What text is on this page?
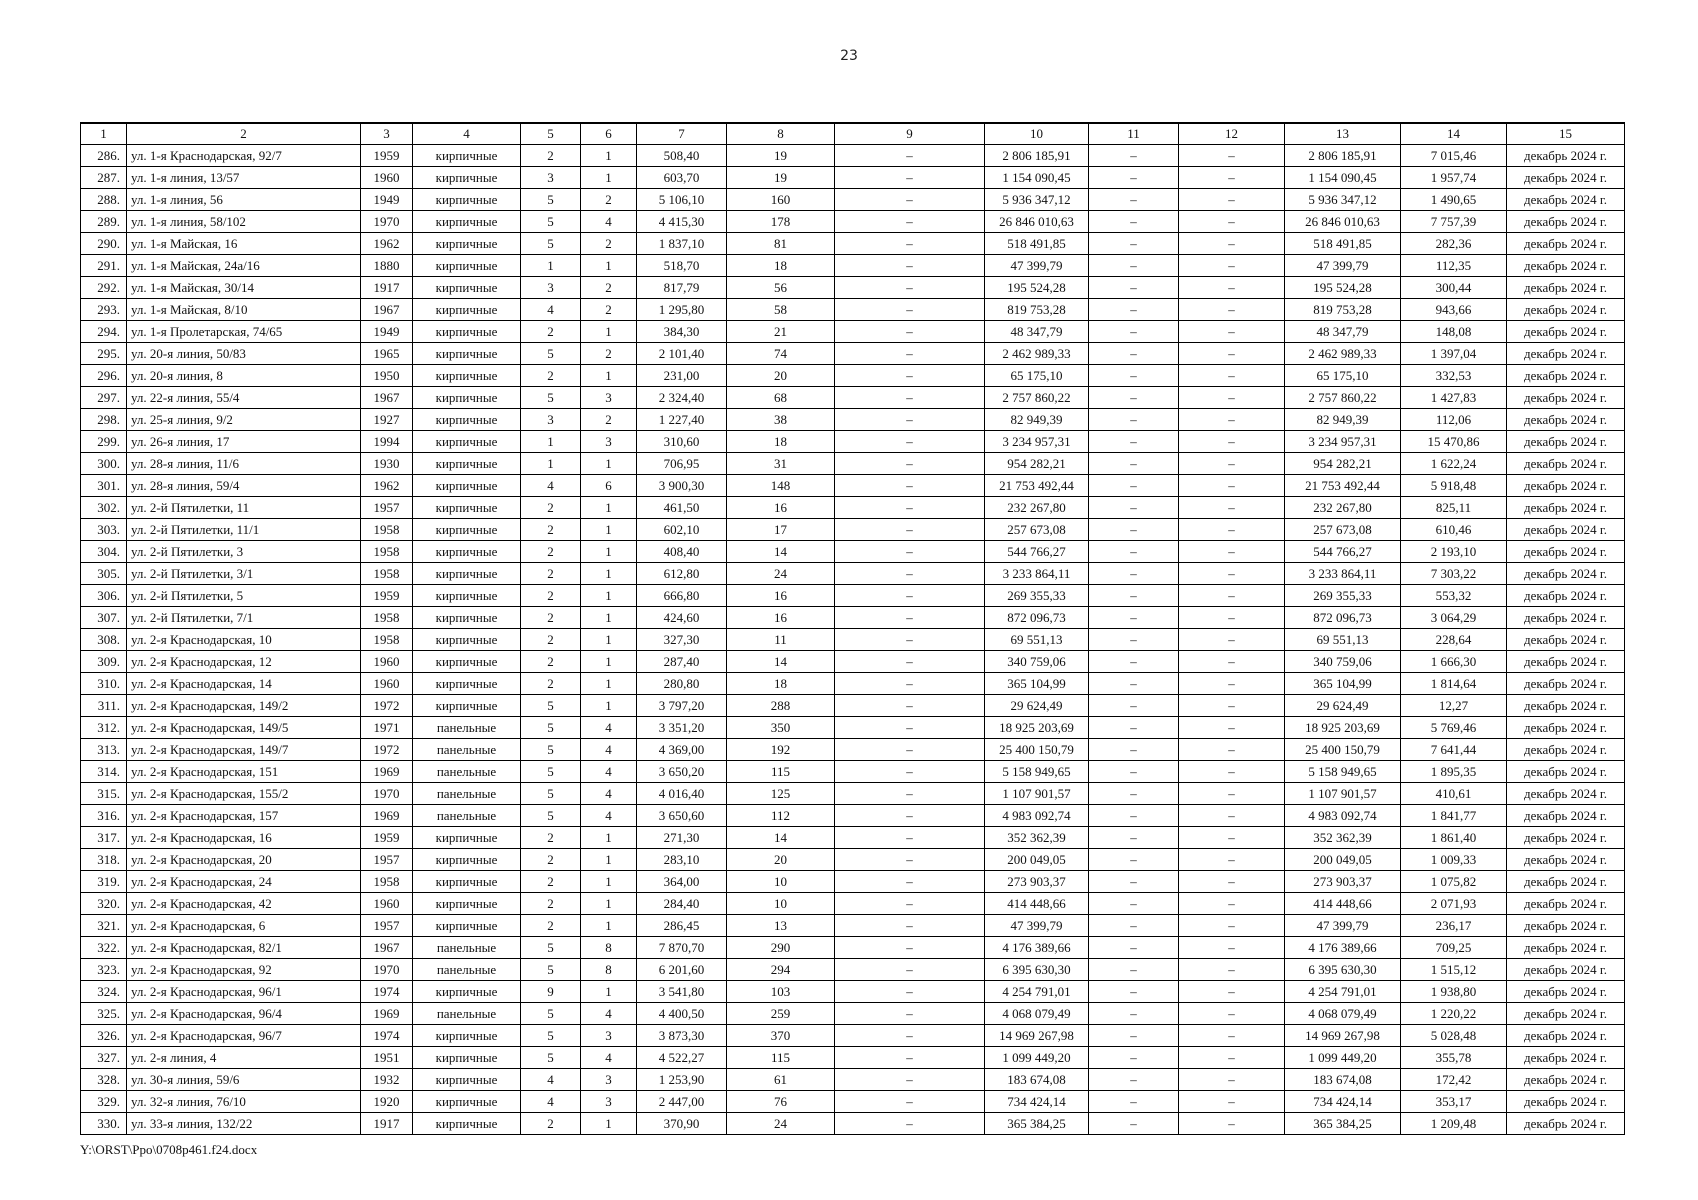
23
1	2	3	4	5	6	7	8	9	10	11	12	13	14	15
286.	ул. 1-я Краснодарская, 92/7	1959	кирпичные	2	1	508,40	19	–	2 806 185,91	–	–	2 806 185,91	7 015,46	декабрь 2024 г.
287.	ул. 1-я линия, 13/57	1960	кирпичные	3	1	603,70	19	–	1 154 090,45	–	–	1 154 090,45	1 957,74	декабрь 2024 г.
288.	ул. 1-я линия, 56	1949	кирпичные	5	2	5 106,10	160	–	5 936 347,12	–	–	5 936 347,12	1 490,65	декабрь 2024 г.
289.	ул. 1-я линия, 58/102	1970	кирпичные	5	4	4 415,30	178	–	26 846 010,63	–	–	26 846 010,63	7 757,39	декабрь 2024 г.
290.	ул. 1-я Майская, 16	1962	кирпичные	5	2	1 837,10	81	–	518 491,85	–	–	518 491,85	282,36	декабрь 2024 г.
291.	ул. 1-я Майская, 24а/16	1880	кирпичные	1	1	518,70	18	–	47 399,79	–	–	47 399,79	112,35	декабрь 2024 г.
292.	ул. 1-я Майская, 30/14	1917	кирпичные	3	2	817,79	56	–	195 524,28	–	–	195 524,28	300,44	декабрь 2024 г.
293.	ул. 1-я Майская, 8/10	1967	кирпичные	4	2	1 295,80	58	–	819 753,28	–	–	819 753,28	943,66	декабрь 2024 г.
294.	ул. 1-я Пролетарская, 74/65	1949	кирпичные	2	1	384,30	21	–	48 347,79	–	–	48 347,79	148,08	декабрь 2024 г.
295.	ул. 20-я линия, 50/83	1965	кирпичные	5	2	2 101,40	74	–	2 462 989,33	–	–	2 462 989,33	1 397,04	декабрь 2024 г.
296.	ул. 20-я линия, 8	1950	кирпичные	2	1	231,00	20	–	65 175,10	–	–	65 175,10	332,53	декабрь 2024 г.
297.	ул. 22-я линия, 55/4	1967	кирпичные	5	3	2 324,40	68	–	2 757 860,22	–	–	2 757 860,22	1 427,83	декабрь 2024 г.
298.	ул. 25-я линия, 9/2	1927	кирпичные	3	2	1 227,40	38	–	82 949,39	–	–	82 949,39	112,06	декабрь 2024 г.
299.	ул. 26-я линия, 17	1994	кирпичные	1	3	310,60	18	–	3 234 957,31	–	–	3 234 957,31	15 470,86	декабрь 2024 г.
300.	ул. 28-я линия, 11/6	1930	кирпичные	1	1	706,95	31	–	954 282,21	–	–	954 282,21	1 622,24	декабрь 2024 г.
301.	ул. 28-я линия, 59/4	1962	кирпичные	4	6	3 900,30	148	–	21 753 492,44	–	–	21 753 492,44	5 918,48	декабрь 2024 г.
302.	ул. 2-й Пятилетки, 11	1957	кирпичные	2	1	461,50	16	–	232 267,80	–	–	232 267,80	825,11	декабрь 2024 г.
303.	ул. 2-й Пятилетки, 11/1	1958	кирпичные	2	1	602,10	17	–	257 673,08	–	–	257 673,08	610,46	декабрь 2024 г.
304.	ул. 2-й Пятилетки, 3	1958	кирпичные	2	1	408,40	14	–	544 766,27	–	–	544 766,27	2 193,10	декабрь 2024 г.
305.	ул. 2-й Пятилетки, 3/1	1958	кирпичные	2	1	612,80	24	–	3 233 864,11	–	–	3 233 864,11	7 303,22	декабрь 2024 г.
306.	ул. 2-й Пятилетки, 5	1959	кирпичные	2	1	666,80	16	–	269 355,33	–	–	269 355,33	553,32	декабрь 2024 г.
307.	ул. 2-й Пятилетки, 7/1	1958	кирпичные	2	1	424,60	16	–	872 096,73	–	–	872 096,73	3 064,29	декабрь 2024 г.
308.	ул. 2-я Краснодарская, 10	1958	кирпичные	2	1	327,30	11	–	69 551,13	–	–	69 551,13	228,64	декабрь 2024 г.
309.	ул. 2-я Краснодарская, 12	1960	кирпичные	2	1	287,40	14	–	340 759,06	–	–	340 759,06	1 666,30	декабрь 2024 г.
310.	ул. 2-я Краснодарская, 14	1960	кирпичные	2	1	280,80	18	–	365 104,99	–	–	365 104,99	1 814,64	декабрь 2024 г.
311.	ул. 2-я Краснодарская, 149/2	1972	кирпичные	5	1	3 797,20	288	–	29 624,49	–	–	29 624,49	12,27	декабрь 2024 г.
312.	ул. 2-я Краснодарская, 149/5	1971	панельные	5	4	3 351,20	350	–	18 925 203,69	–	–	18 925 203,69	5 769,46	декабрь 2024 г.
313.	ул. 2-я Краснодарская, 149/7	1972	панельные	5	4	4 369,00	192	–	25 400 150,79	–	–	25 400 150,79	7 641,44	декабрь 2024 г.
314.	ул. 2-я Краснодарская, 151	1969	панельные	5	4	3 650,20	115	–	5 158 949,65	–	–	5 158 949,65	1 895,35	декабрь 2024 г.
315.	ул. 2-я Краснодарская, 155/2	1970	панельные	5	4	4 016,40	125	–	1 107 901,57	–	–	1 107 901,57	410,61	декабрь 2024 г.
316.	ул. 2-я Краснодарская, 157	1969	панельные	5	4	3 650,60	112	–	4 983 092,74	–	–	4 983 092,74	1 841,77	декабрь 2024 г.
317.	ул. 2-я Краснодарская, 16	1959	кирпичные	2	1	271,30	14	–	352 362,39	–	–	352 362,39	1 861,40	декабрь 2024 г.
318.	ул. 2-я Краснодарская, 20	1957	кирпичные	2	1	283,10	20	–	200 049,05	–	–	200 049,05	1 009,33	декабрь 2024 г.
319.	ул. 2-я Краснодарская, 24	1958	кирпичные	2	1	364,00	10	–	273 903,37	–	–	273 903,37	1 075,82	декабрь 2024 г.
320.	ул. 2-я Краснодарская, 42	1960	кирпичные	2	1	284,40	10	–	414 448,66	–	–	414 448,66	2 071,93	декабрь 2024 г.
321.	ул. 2-я Краснодарская, 6	1957	кирпичные	2	1	286,45	13	–	47 399,79	–	–	47 399,79	236,17	декабрь 2024 г.
322.	ул. 2-я Краснодарская, 82/1	1967	панельные	5	8	7 870,70	290	–	4 176 389,66	–	–	4 176 389,66	709,25	декабрь 2024 г.
323.	ул. 2-я Краснодарская, 92	1970	панельные	5	8	6 201,60	294	–	6 395 630,30	–	–	6 395 630,30	1 515,12	декабрь 2024 г.
324.	ул. 2-я Краснодарская, 96/1	1974	кирпичные	9	1	3 541,80	103	–	4 254 791,01	–	–	4 254 791,01	1 938,80	декабрь 2024 г.
325.	ул. 2-я Краснодарская, 96/4	1969	панельные	5	4	4 400,50	259	–	4 068 079,49	–	–	4 068 079,49	1 220,22	декабрь 2024 г.
326.	ул. 2-я Краснодарская, 96/7	1974	кирпичные	5	3	3 873,30	370	–	14 969 267,98	–	–	14 969 267,98	5 028,48	декабрь 2024 г.
327.	ул. 2-я линия, 4	1951	кирпичные	5	4	4 522,27	115	–	1 099 449,20	–	–	1 099 449,20	355,78	декабрь 2024 г.
328.	ул. 30-я линия, 59/6	1932	кирпичные	4	3	1 253,90	61	–	183 674,08	–	–	183 674,08	172,42	декабрь 2024 г.
329.	ул. 32-я линия, 76/10	1920	кирпичные	4	3	2 447,00	76	–	734 424,14	–	–	734 424,14	353,17	декабрь 2024 г.
330.	ул. 33-я линия, 132/22	1917	кирпичные	2	1	370,90	24	–	365 384,25	–	–	365 384,25	1 209,48	декабрь 2024 г.
Y:\ORST\Ppo\0708p461.f24.docx
